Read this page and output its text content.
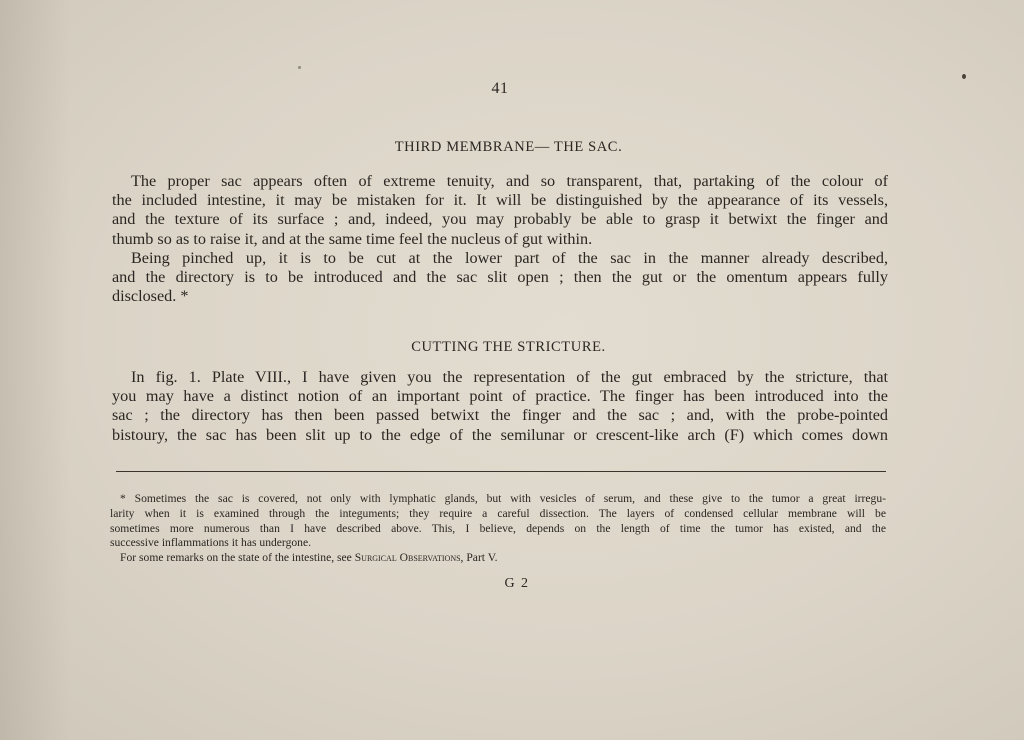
41
THIRD MEMBRANE— THE SAC.
The proper sac appears often of extreme tenuity, and so transparent, that, partaking of the colour of
the included intestine, it may be mistaken for it. It will be distinguished by the appearance of its vessels,
and the texture of its surface ; and, indeed, you may probably be able to grasp it betwixt the finger and
thumb so as to raise it, and at the same time feel the nucleus of gut within.
Being pinched up, it is to be cut at the lower part of the sac in the manner already described,
and the directory is to be introduced and the sac slit open ; then the gut or the omentum appears fully
disclosed. *
CUTTING THE STRICTURE.
In fig. 1. Plate VIII., I have given you the representation of the gut embraced by the stricture, that
you may have a distinct notion of an important point of practice. The finger has been introduced into the
sac ; the directory has then been passed betwixt the finger and the sac ; and, with the probe-pointed
bistoury, the sac has been slit up to the edge of the semilunar or crescent-like arch (F) which comes down
* Sometimes the sac is covered, not only with lymphatic glands, but with vesicles of serum, and these give to the tumor a great irregu-
larity when it is examined through the integuments; they require a careful dissection. The layers of condensed cellular membrane will be
sometimes more numerous than I have described above. This, I believe, depends on the length of time the tumor has existed, and the
successive inflammations it has undergone.
For some remarks on the state of the intestine, see Surgical Observations, Part V.
G 2
